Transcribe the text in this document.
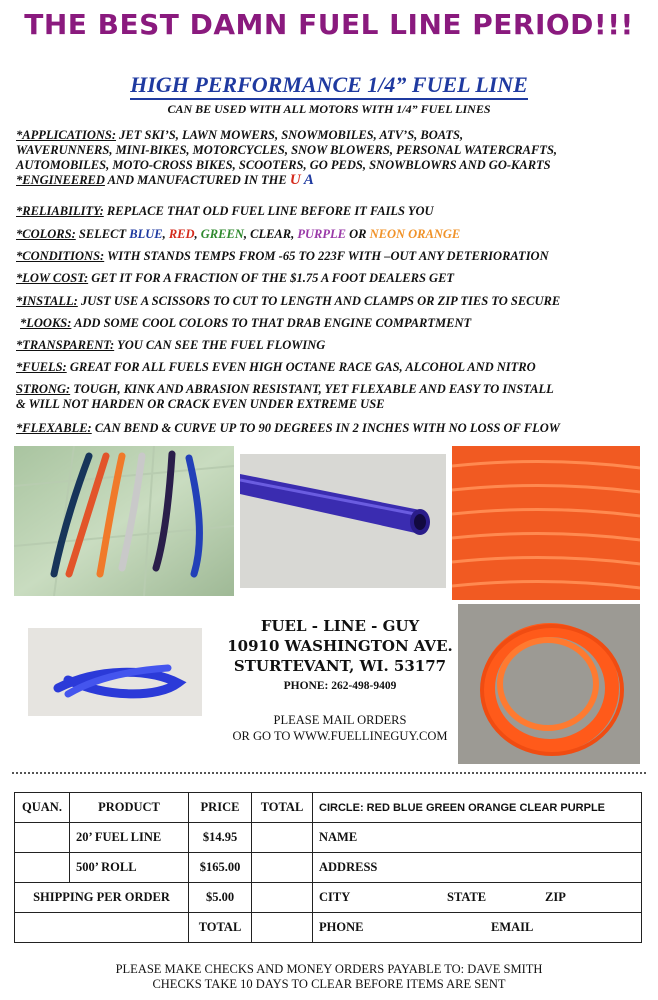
THE BEST DAMN FUEL LINE PERIOD!!!
HIGH PERFORMANCE 1/4” FUEL LINE
CAN BE USED WITH ALL MOTORS WITH 1/4” FUEL LINES
*APPLICATIONS: JET SKI’S, LAWN MOWERS, SNOWMOBILES, ATV’S, BOATS,
WAVERUNNERS, MINI-BIKES, MOTORCYCLES, SNOW BLOWERS, PERSONAL WATERCRAFTS,
AUTOMOBILES, MOTO-CROSS BIKES, SCOOTERS, GO PEDS, SNOWBLOWRS AND GO-KARTS
*ENGINEERED AND MANUFACTURED IN THE U A
*RELIABILITY: REPLACE THAT OLD FUEL LINE BEFORE IT FAILS YOU
*COLORS: SELECT BLUE, RED, GREEN, CLEAR, PURPLE OR NEON ORANGE
*CONDITIONS: WITH STANDS TEMPS FROM -65 TO 223F WITH –OUT ANY DETERIORATION
*LOW COST: GET IT FOR A FRACTION OF THE $1.75 A FOOT DEALERS GET
*INSTALL: JUST USE A SCISSORS TO CUT TO LENGTH AND CLAMPS OR ZIP TIES TO SECURE
*LOOKS: ADD SOME COOL COLORS TO THAT DRAB ENGINE COMPARTMENT
*TRANSPARENT: YOU CAN SEE THE FUEL FLOWING
*FUELS: GREAT FOR ALL FUELS EVEN HIGH OCTANE RACE GAS, ALCOHOL AND NITRO
STRONG: TOUGH, KINK AND ABRASION RESISTANT, YET FLEXABLE AND EASY TO INSTALL
& WILL NOT HARDEN OR CRACK EVEN UNDER EXTREME USE
*FLEXABLE: CAN BEND & CURVE UP TO 90 DEGREES IN 2 INCHES WITH NO LOSS OF FLOW
FUEL - LINE - GUY
10910 WASHINGTON AVE.
STURTEVANT, WI. 53177
PHONE: 262-498-9409
PLEASE MAIL ORDERS
OR GO TO WWW.FUELLINEGUY.COM
QUAN.	PRODUCT	PRICE	TOTAL	CIRCLE: RED BLUE GREEN ORANGE CLEAR PURPLE
	20’ FUEL LINE	$14.95		NAME
	500’ ROLL	$165.00		ADDRESS
SHIPPING PER ORDER		$5.00		CITY STATE ZIP
		TOTAL		PHONE EMAIL
PLEASE MAKE CHECKS AND MONEY ORDERS PAYABLE TO: DAVE SMITH
CHECKS TAKE 10 DAYS TO CLEAR BEFORE ITEMS ARE SENT
